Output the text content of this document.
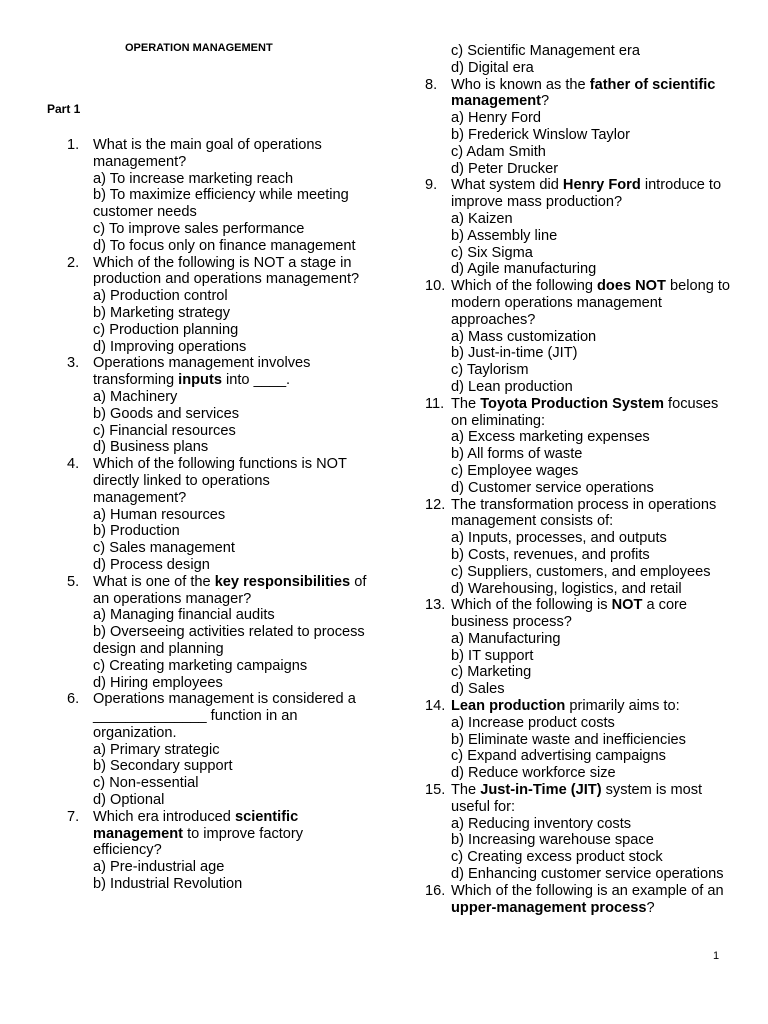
OPERATION MANAGEMENT
Part 1
1. What is the main goal of operations management?
a) To increase marketing reach
b) To maximize efficiency while meeting customer needs
c) To improve sales performance
d) To focus only on finance management
2. Which of the following is NOT a stage in production and operations management?
a) Production control
b) Marketing strategy
c) Production planning
d) Improving operations
3. Operations management involves transforming inputs into ____.
a) Machinery
b) Goods and services
c) Financial resources
d) Business plans
4. Which of the following functions is NOT directly linked to operations management?
a) Human resources
b) Production
c) Sales management
d) Process design
5. What is one of the key responsibilities of an operations manager?
a) Managing financial audits
b) Overseeing activities related to process design and planning
c) Creating marketing campaigns
d) Hiring employees
6. Operations management is considered a ______________ function in an organization.
a) Primary strategic
b) Secondary support
c) Non-essential
d) Optional
7. Which era introduced scientific management to improve factory efficiency?
a) Pre-industrial age
b) Industrial Revolution
c) Scientific Management era
d) Digital era
8. Who is known as the father of scientific management?
a) Henry Ford
b) Frederick Winslow Taylor
c) Adam Smith
d) Peter Drucker
9. What system did Henry Ford introduce to improve mass production?
a) Kaizen
b) Assembly line
c) Six Sigma
d) Agile manufacturing
10. Which of the following does NOT belong to modern operations management approaches?
a) Mass customization
b) Just-in-time (JIT)
c) Taylorism
d) Lean production
11. The Toyota Production System focuses on eliminating:
a) Excess marketing expenses
b) All forms of waste
c) Employee wages
d) Customer service operations
12. The transformation process in operations management consists of:
a) Inputs, processes, and outputs
b) Costs, revenues, and profits
c) Suppliers, customers, and employees
d) Warehousing, logistics, and retail
13. Which of the following is NOT a core business process?
a) Manufacturing
b) IT support
c) Marketing
d) Sales
14. Lean production primarily aims to:
a) Increase product costs
b) Eliminate waste and inefficiencies
c) Expand advertising campaigns
d) Reduce workforce size
15. The Just-in-Time (JIT) system is most useful for:
a) Reducing inventory costs
b) Increasing warehouse space
c) Creating excess product stock
d) Enhancing customer service operations
16. Which of the following is an example of an upper-management process?
1
